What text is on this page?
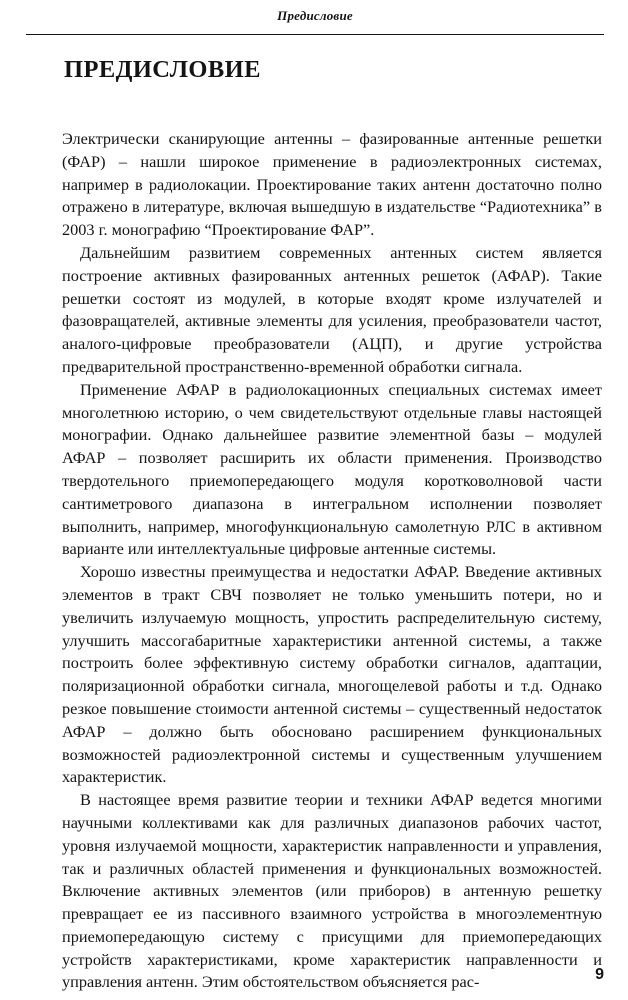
Предисловие
ПРЕДИСЛОВИЕ

Электрически сканирующие антенны – фазированные антенные решетки (ФАР) – нашли широкое применение в радиоэлектронных системах, например в радиолокации. Проектирование таких антенн достаточно полно отражено в литературе, включая вышедшую в издательстве “Радиотехника” в 2003 г. монографию “Проектирование ФАР”.

Дальнейшим развитием современных антенных систем является построение активных фазированных антенных решеток (АФАР). Такие решетки состоят из модулей, в которые входят кроме излучателей и фазовращателей, активные элементы для усиления, преобразователи частот, аналого-цифровые преобразователи (АЦП), и другие устройства предварительной пространственно-временной обработки сигнала.

Применение АФАР в радиолокационных специальных системах имеет многолетнюю историю, о чем свидетельствуют отдельные главы настоящей монографии. Однако дальнейшее развитие элементной базы – модулей АФАР – позволяет расширить их области применения. Производство твердотельного приемопередающего модуля коротковолновой части сантиметрового диапазона в интегральном исполнении позволяет выполнить, например, многофункциональную самолетную РЛС в активном варианте или интеллектуальные цифровые антенные системы.

Хорошо известны преимущества и недостатки АФАР. Введение активных элементов в тракт СВЧ позволяет не только уменьшить потери, но и увеличить излучаемую мощность, упростить распределительную систему, улучшить массогабаритные характеристики антенной системы, а также построить более эффективную систему обработки сигналов, адаптации, поляризационной обработки сигнала, многощелевой работы и т.д. Однако резкое повышение стоимости антенной системы – существенный недостаток АФАР – должно быть обосновано расширением функциональных возможностей радиоэлектронной системы и существенным улучшением характеристик.

В настоящее время развитие теории и техники АФАР ведется многими научными коллективами как для различных диапазонов рабочих частот, уровня излучаемой мощности, характеристик направленности и управления, так и различных областей применения и функциональных возможностей. Включение активных элементов (или приборов) в антенную решетку превращает ее из пассивного взаимного устройства в многоэлементную приемопередающую систему с присущими для приемопередающих устройств характеристиками, кроме характеристик направленности и управления антенн. Этим обстоятельством объясняется рас-	9
